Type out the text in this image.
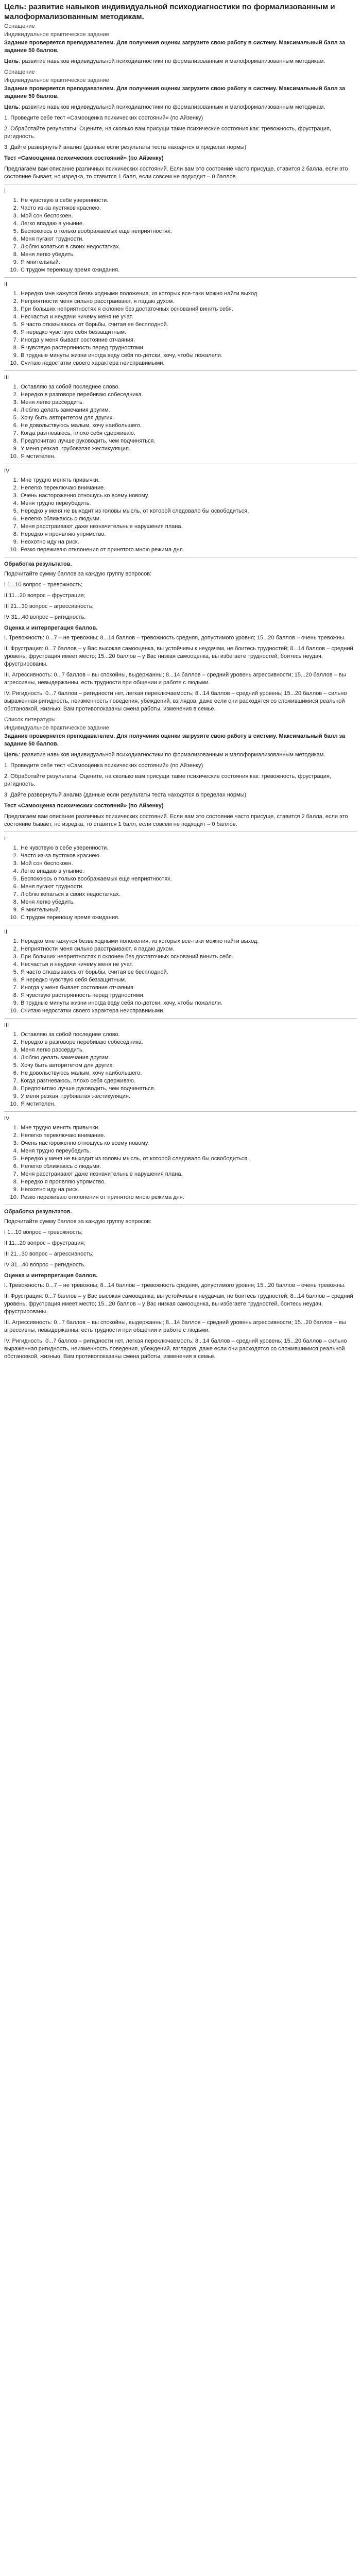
Цель: развитие навыков индивидуальной психодиагностики по формализованным и малоформализованным методикам.

Оснащение

Индивидуальное практическое задание

Задание проверяется преподавателем. Для получения оценки загрузите свою работу в систему. Максимальный балл за задание 50 баллов.

Цель: развитие навыков индивидуальной психодиагностики по формализованным и малоформализованным методикам.

Оснащение

Индивидуальное практическое задание

Задание проверяется преподавателем. Для получения оценки загрузите свою работу в систему. Максимальный балл за задание 50 баллов.

Цель: развитие навыков индивидуальной психодиагностики по формализованным и малоформализованным методикам.

1. Проведите себе тест «Самооценка психических состояний» (по Айзенку)

2. Обработайте результаты. Оцените, на сколько вам присущи такие психические состояния как: тревожность, фрустрация, ригидность.

3. Дайте развернутый анализ (данные если результаты теста находятся в пределах нормы)

Тест «Самооценка психических состояний» (по Айзенку)

Предлагаем вам описание различных психических состояний. Если вам это состояние часто присуще, ставится 2 балла, если это состояние бывает, но изредка, то ставится 1 балл, если совсем не подходит – 0 баллов.

I

1. Не чувствую в себе уверенности.
2. Часто из-за пустяков краснею.
3. Мой сон беспокоен.
4. Легко впадаю в уныние.
5. Беспокоюсь о только воображаемых еще неприятностях.
6. Меня пугают трудности.
7. Люблю копаться в своих недостатках.
8. Меня легко убедить.
9. Я мнительный.
10. С трудом переношу время ожидания.

II

1. Нередко мне кажутся безвыходными положения, из которых все-таки можно найти выход.
2. Неприятности меня сильно расстраивают, я падаю духом.
3. При больших неприятностях я склонен без достаточных оснований винить себя.
4. Несчастья и неудачи ничему меня не учат.
5. Я часто отказываюсь от борьбы, считая ее бесплодной.
6. Я нередко чувствую себя беззащитным.
7. Иногда у меня бывает состояние отчаяния.
8. Я чувствую растерянность перед трудностями.
9. В трудные минуты жизни иногда веду себя по-детски, хочу, чтобы пожалели.
10. Считаю недостатки своего характера неисправимыми.

III

1. Оставляю за собой последнее слово.
2. Нередко в разговоре перебиваю собеседника.
3. Меня легко рассердить.
4. Люблю делать замечания другим.
5. Хочу быть авторитетом для других.
6. Не довольствуюсь малым, хочу наибольшего.
7. Когда разгневаюсь, плохо себя сдерживаю.
8. Предпочитаю лучше руководить, чем подчиняться.
9. У меня резкая, грубоватая жестикуляция.
10. Я мстителен.

IV

1. Мне трудно менять привычки.
2. Нелегко переключаю внимание.
3. Очень настороженно отношусь ко всему новому.
4. Меня трудно переубедить.
5. Нередко у меня не выходит из головы мысль, от которой следовало бы освободиться.
6. Нелегко сближаюсь с людьми.
7. Меня расстраивают даже незначительные нарушения плана.
8. Нередко я проявляю упрямство.
9. Неохотно иду на риск.
10. Резко переживаю отклонения от принятого мною режима дня.

Обработка результатов.

Подсчитайте сумму баллов за каждую группу вопросов:

I 1...10 вопрос – тревожность;

II 11...20 вопрос – фрустрация;

III 21...30 вопрос – агрессивность;

IV 31...40 вопрос – ригидность.

Оценка и интерпретация баллов.

I. Тревожность: 0...7 – не тревожны; 8...14 баллов – тревожность средняя, допустимого уровня; 15...20 баллов – очень тревожны.

II. Фрустрация: 0...7 баллов – у Вас высокая самооценка, вы устойчивы к неудачам, не боитесь трудностей; 8...14 баллов – средний уровень, фрустрация имеет место; 15...20 баллов – у Вас низкая самооценка, вы избегаете трудностей, боитесь неудач, фрустрированы.

III. Агрессивность: 0...7 баллов – вы спокойны, выдержанны; 8...14 баллов – средний уровень агрессивности; 15...20 баллов – вы агрессивны, невыдержанны, есть трудности при общении и работе с людьми.

IV. Ригидность: 0...7 баллов – ригидности нет, легкая переключаемость; 8...14 баллов – средний уровень; 15...20 баллов – сильно выраженная ригидность, неизменность поведения, убеждений, взглядов, даже если они расходятся со сложившимися реальной обстановкой, жизнью. Вам противопоказаны смена работы, изменения в семье.

Список литературы

Индивидуальное практическое задание

Задание проверяется преподавателем. Для получения оценки загрузите свою работу в систему. Максимальный балл за задание 50 баллов.

Цель: развитие навыков индивидуальной психодиагностики по формализованным и малоформализованным методикам.

1. Проведите себе тест «Самооценка психических состояний» (по Айзенку)

2. Обработайте результаты. Оцените, на сколько вам присущи такие психические состояния как: тревожность, фрустрация, ригидность.

3. Дайте развернутый анализ (данные если результаты теста находятся в пределах нормы)

Тест «Самооценка психических состояний» (по Айзенку)

Предлагаем вам описание различных психических состояний. Если вам это состояние часто присуще, ставится 2 балла, если это состояние бывает, но изредка, то ставится 1 балл, если совсем не подходит – 0 баллов.

I

1. Не чувствую в себе уверенности.
2. Часто из-за пустяков краснею.
3. Мой сон беспокоен.
4. Легко впадаю в уныние.
5. Беспокоюсь о только воображаемых еще неприятностях.
6. Меня пугают трудности.
7. Люблю копаться в своих недостатках.
8. Меня легко убедить.
9. Я мнительный.
10. С трудом переношу время ожидания.

II

1. Нередко мне кажутся безвыходными положения, из которых все-таки можно найти выход.
2. Неприятности меня сильно расстраивают, я падаю духом.
3. При больших неприятностях я склонен без достаточных оснований винить себя.
4. Несчастья и неудачи ничему меня не учат.
5. Я часто отказываюсь от борьбы, считая ее бесплодной.
6. Я нередко чувствую себя беззащитным.
7. Иногда у меня бывает состояние отчаяния.
8. Я чувствую растерянность перед трудностями.
9. В трудные минуты жизни иногда веду себя по-детски, хочу, чтобы пожалели.
10. Считаю недостатки своего характера неисправимыми.

III

1. Оставляю за собой последнее слово.
2. Нередко в разговоре перебиваю собеседника.
3. Меня легко рассердить.
4. Люблю делать замечания другим.
5. Хочу быть авторитетом для других.
6. Не довольствуюсь малым, хочу наибольшего.
7. Когда разгневаюсь, плохо себя сдерживаю.
8. Предпочитаю лучше руководить, чем подчиняться.
9. У меня резкая, грубоватая жестикуляция.
10. Я мстителен.

IV

1. Мне трудно менять привычки.
2. Нелегко переключаю внимание.
3. Очень настороженно отношусь ко всему новому.
4. Меня трудно переубедить.
5. Нередко у меня не выходит из головы мысль, от которой следовало бы освободиться.
6. Нелегко сближаюсь с людьми.
7. Меня расстраивают даже незначительные нарушения плана.
8. Нередко я проявляю упрямство.
9. Неохотно иду на риск.
10. Резко переживаю отклонения от принятого мною режима дня.

Обработка результатов.

Подсчитайте сумму баллов за каждую группу вопросов:

I 1...10 вопрос – тревожность;

II 11...20 вопрос – фрустрация;

III 21...30 вопрос – агрессивность;

IV 31...40 вопрос – ригидность.

Оценка и интерпретация баллов.

I. Тревожность: 0...7 – не тревожны; 8...14 баллов – тревожность средняя, допустимого уровня; 15...20 баллов – очень тревожны.

II. Фрустрация: 0...7 баллов – у Вас высокая самооценка, вы устойчивы к неудачам, не боитесь трудностей; 8...14 баллов – средний уровень, фрустрация имеет место; 15...20 баллов – у Вас низкая самооценка, вы избегаете трудностей, боитесь неудач, фрустрированы.

III. Агрессивность: 0...7 баллов – вы спокойны, выдержанны; 8...14 баллов – средний уровень агрессивности; 15...20 баллов – вы агрессивны, невыдержанны, есть трудности при общении и работе с людьми.

IV. Ригидность: 0...7 баллов – ригидности нет, легкая переключаемость; 8...14 баллов – средний уровень; 15...20 баллов – сильно выраженная ригидность, неизменность поведения, убеждений, взглядов, даже если они расходятся со сложившимися реальной обстановкой, жизнью. Вам противопоказаны смена работы, изменения в семье.
